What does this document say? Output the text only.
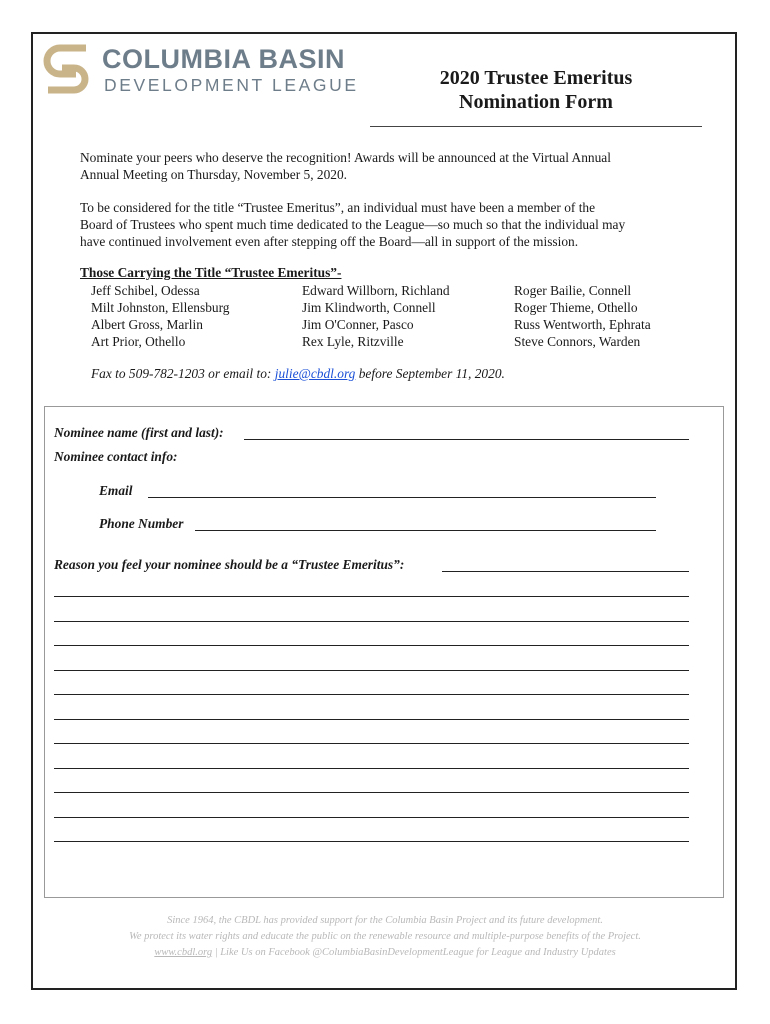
COLUMBIA BASIN
DEVELOPMENT LEAGUE	2020 Trustee Emeritus
Nomination Form
Nominate your peers who deserve the recognition! Awards will be announced at the Virtual Annual
Annual Meeting on Thursday, November 5, 2020.
To be considered for the title “Trustee Emeritus”, an individual must have been a member of the
Board of Trustees who spent much time dedicated to the League—so much so that the individual may
have continued involvement even after stepping off the Board—all in support of the mission.
Those Carrying the Title “Trustee Emeritus”-
Jeff Schibel, Odessa
Milt Johnston, Ellensburg
Albert Gross, Marlin
Art Prior, Othello
Edward Willborn, Richland
Jim Klindworth, Connell
Jim O'Conner, Pasco
Rex Lyle, Ritzville
Roger Bailie, Connell
Roger Thieme, Othello
Russ Wentworth, Ephrata
Steve Connors, Warden
Fax to 509-782-1203 or email to: julie@cbdl.org before September 11, 2020.
Nominee name (first and last):
Nominee contact info:
Email
Phone Number
Reason you feel your nominee should be a “Trustee Emeritus”:
Since 1964, the CBDL has provided support for the Columbia Basin Project and its future development.
We protect its water rights and educate the public on the renewable resource and multiple-purpose benefits of the Project.
www.cbdl.org | Like Us on Facebook @ColumbiaBasinDevelopmentLeague for League and Industry Updates
